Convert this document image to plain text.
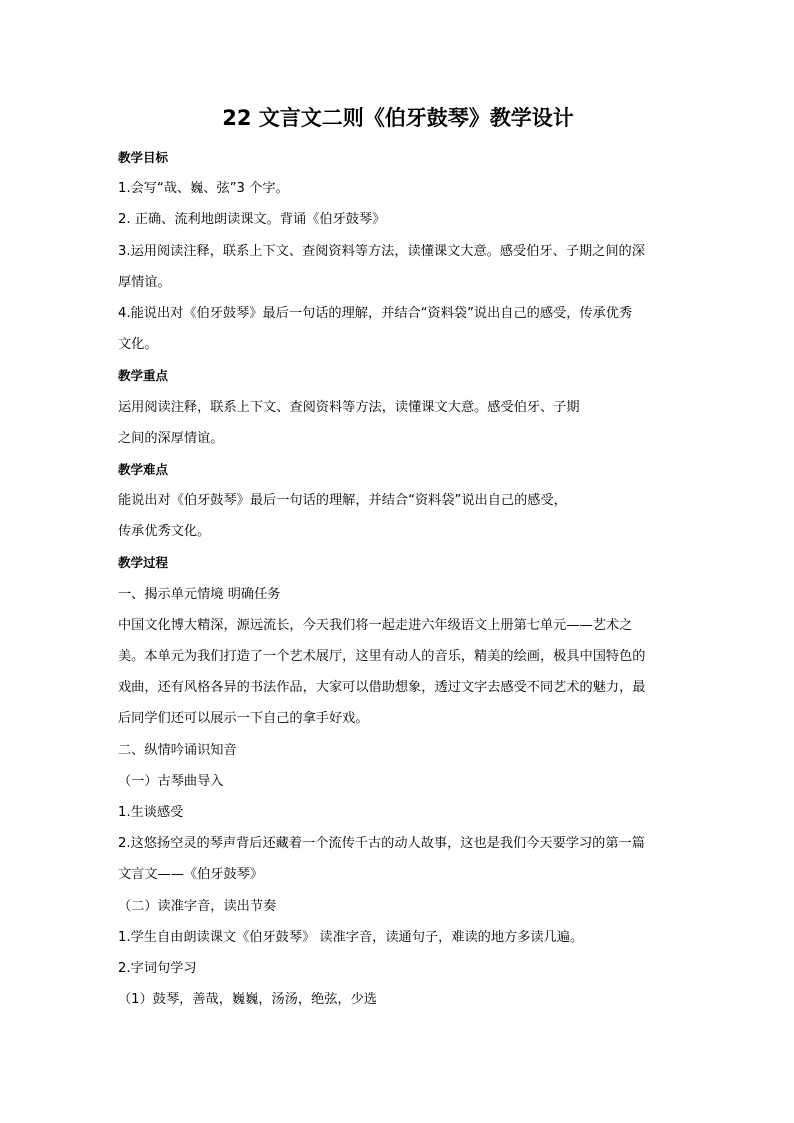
22 文言文二则《伯牙鼓琴》教学设计
教学目标
1.会写“哉、巍、弦”3 个字。
2. 正确、流利地朗读课文。背诵《伯牙鼓琴》
3.运用阅读注释，联系上下文、查阅资料等方法，读懂课文大意。感受伯牙、子期之间的深
厚情谊。
4.能说出对《伯牙鼓琴》最后一句话的理解，并结合“资料袋”说出自己的感受，传承优秀
文化。
教学重点
运用阅读注释，联系上下文、查阅资料等方法，读懂课文大意。感受伯牙、子期
之间的深厚情谊。
教学难点
能说出对《伯牙鼓琴》最后一句话的理解，并结合“资料袋”说出自己的感受，
传承优秀文化。
教学过程
一、揭示单元情境 明确任务
中国文化博大精深，源远流长，今天我们将一起走进六年级语文上册第七单元——艺术之
美。本单元为我们打造了一个艺术展厅，这里有动人的音乐，精美的绘画，极具中国特色的
戏曲，还有风格各异的书法作品，大家可以借助想象，透过文字去感受不同艺术的魅力，最
后同学们还可以展示一下自己的拿手好戏。
二、纵情吟诵识知音
（一）古琴曲导入
1.生谈感受
2.这悠扬空灵的琴声背后还藏着一个流传千古的动人故事，这也是我们今天要学习的第一篇
文言文——《伯牙鼓琴》
（二）读准字音，读出节奏
1.学生自由朗读课文《伯牙鼓琴》 读准字音，读通句子，难读的地方多读几遍。
2.字词句学习
（1）鼓琴，善哉，巍巍，汤汤，绝弦，少选
